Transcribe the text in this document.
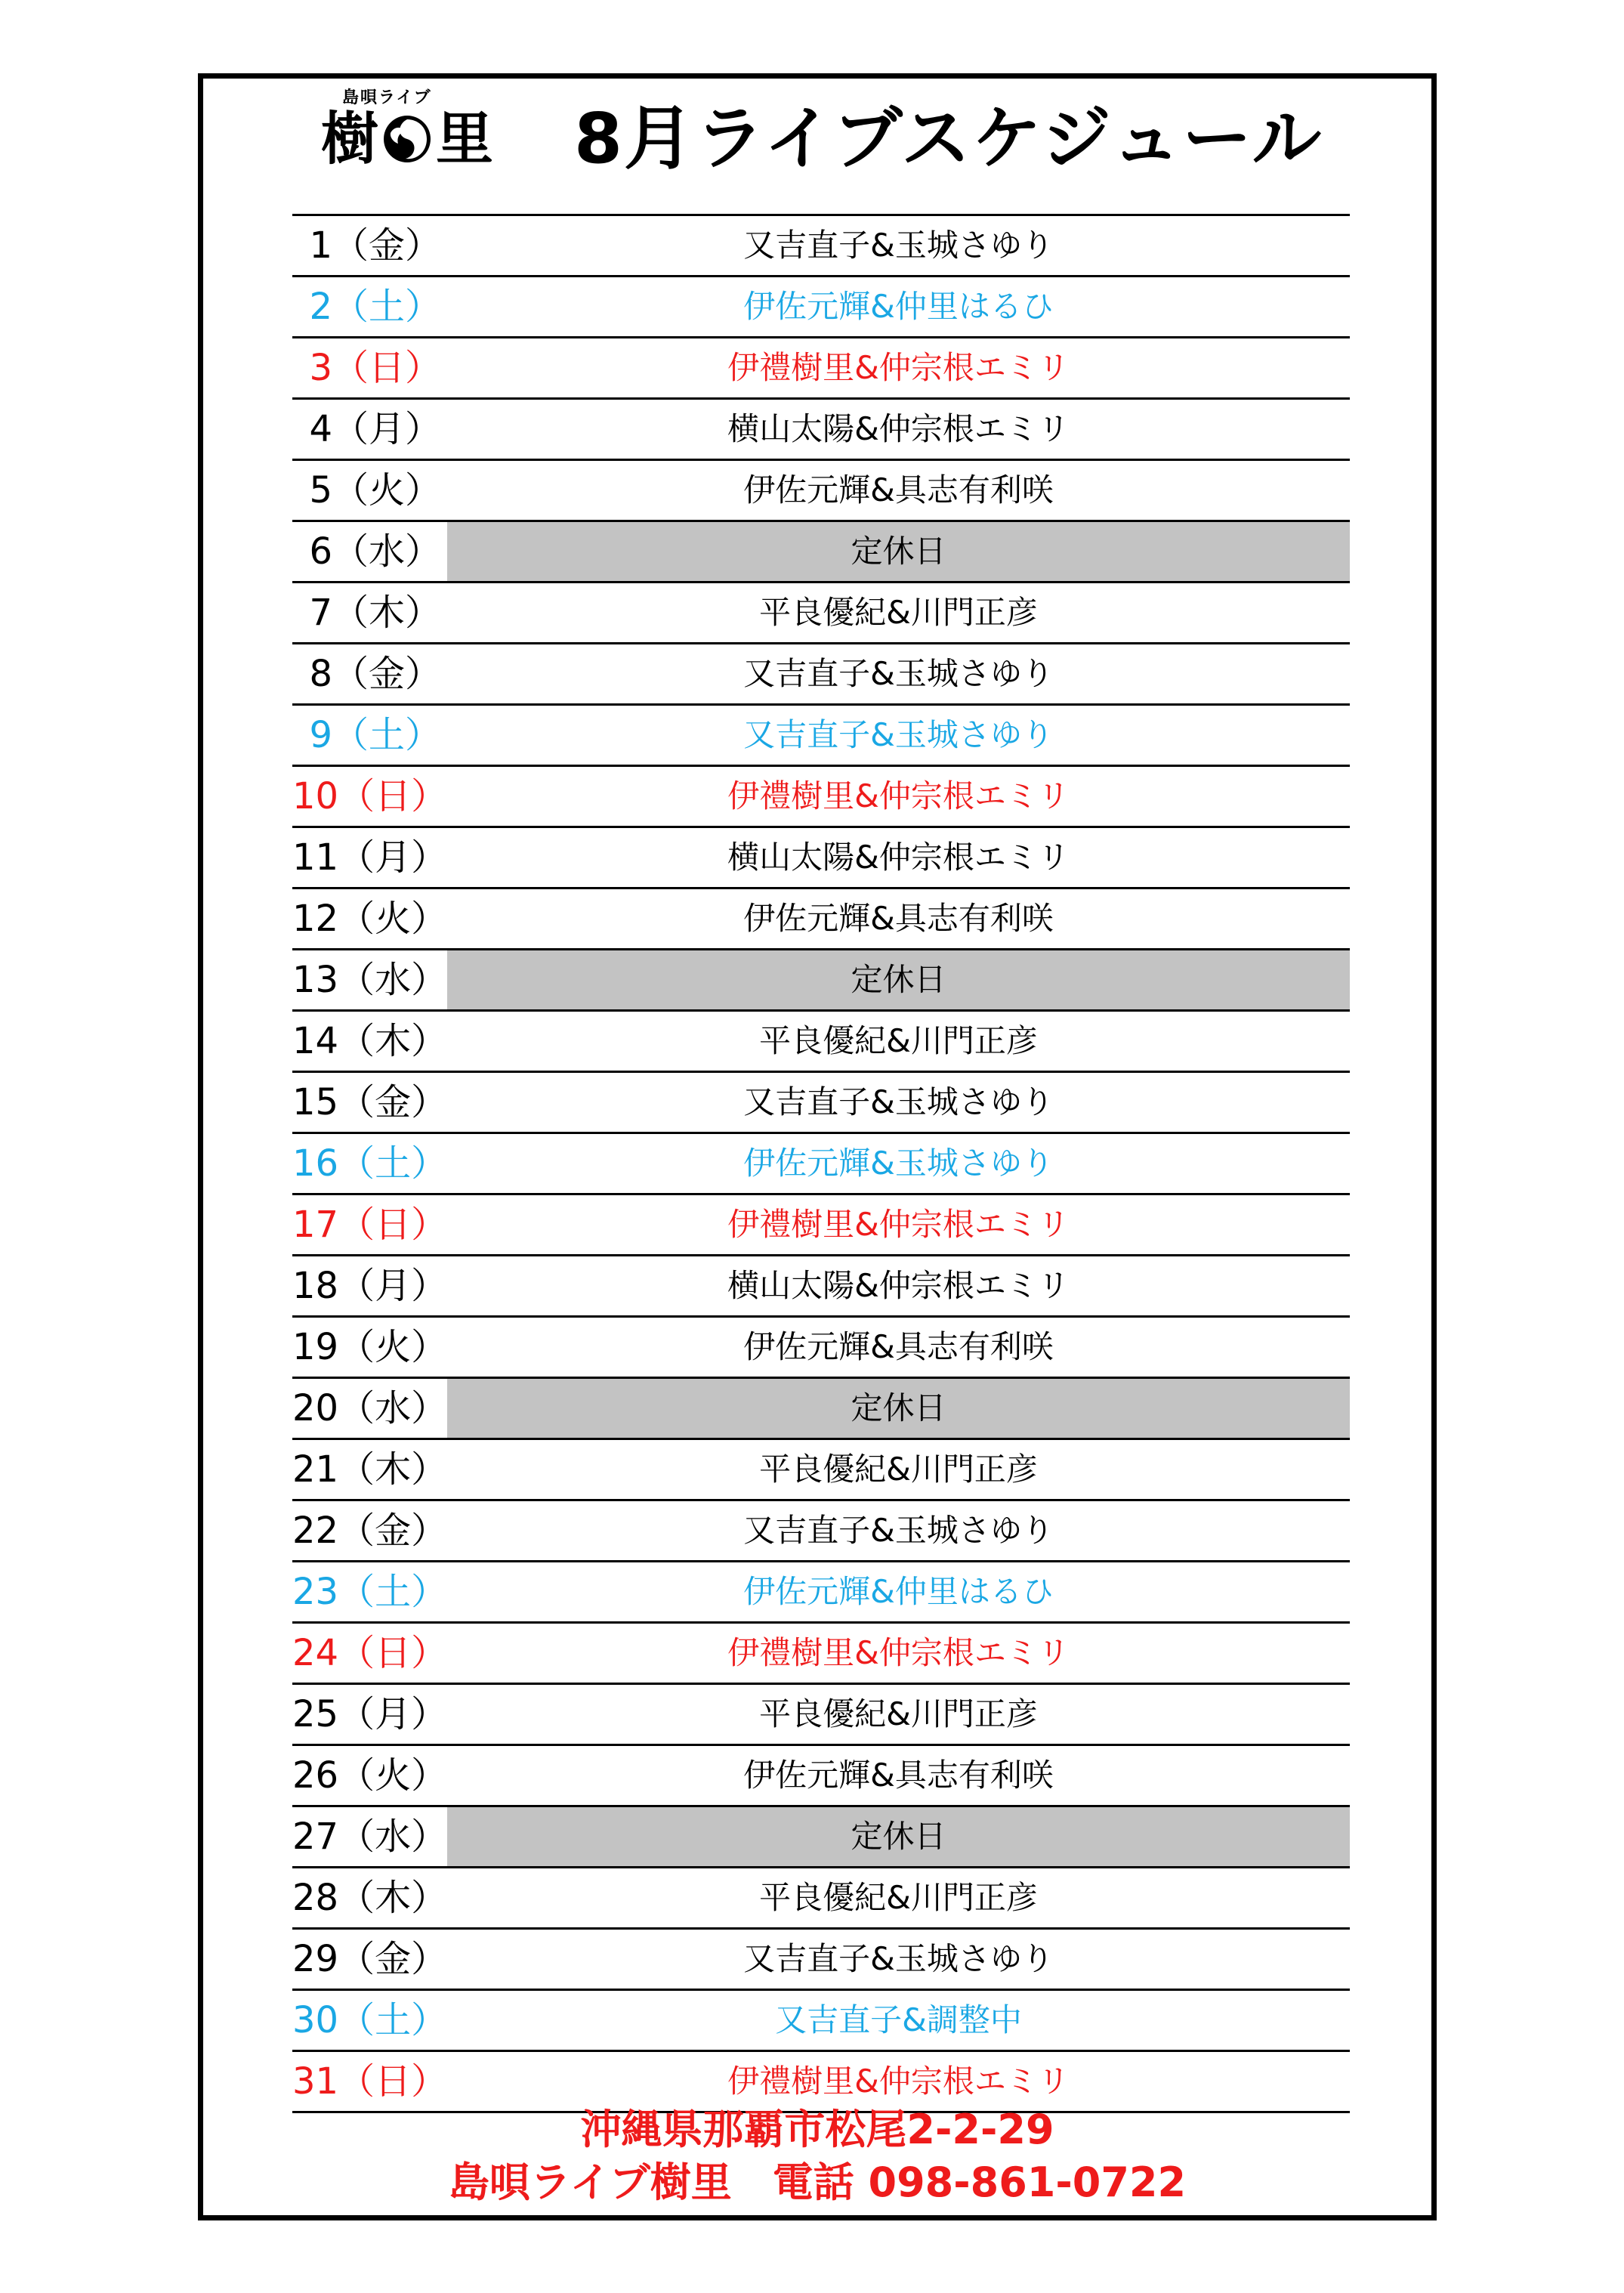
島唄ライブ
樹 里 8月ライブスケジュール
1（金）	又吉直子&玉城さゆり
2（土）	伊佐元輝&仲里はるひ
3（日）	伊禮樹里&仲宗根エミリ
4（月）	横山太陽&仲宗根エミリ
5（火）	伊佐元輝&具志有利咲
6（水）	定休日
7（木）	平良優紀&川門正彦
8（金）	又吉直子&玉城さゆり
9（土）	又吉直子&玉城さゆり
10（日）	伊禮樹里&仲宗根エミリ
11（月）	横山太陽&仲宗根エミリ
12（火）	伊佐元輝&具志有利咲
13（水）	定休日
14（木）	平良優紀&川門正彦
15（金）	又吉直子&玉城さゆり
16（土）	伊佐元輝&玉城さゆり
17（日）	伊禮樹里&仲宗根エミリ
18（月）	横山太陽&仲宗根エミリ
19（火）	伊佐元輝&具志有利咲
20（水）	定休日
21（木）	平良優紀&川門正彦
22（金）	又吉直子&玉城さゆり
23（土）	伊佐元輝&仲里はるひ
24（日）	伊禮樹里&仲宗根エミリ
25（月）	平良優紀&川門正彦
26（火）	伊佐元輝&具志有利咲
27（水）	定休日
28（木）	平良優紀&川門正彦
29（金）	又吉直子&玉城さゆり
30（土）	又吉直子&調整中
31（日）	伊禮樹里&仲宗根エミリ
沖縄県那覇市松尾2-2-29
島唄ライブ樹里　電話 098-861-0722
